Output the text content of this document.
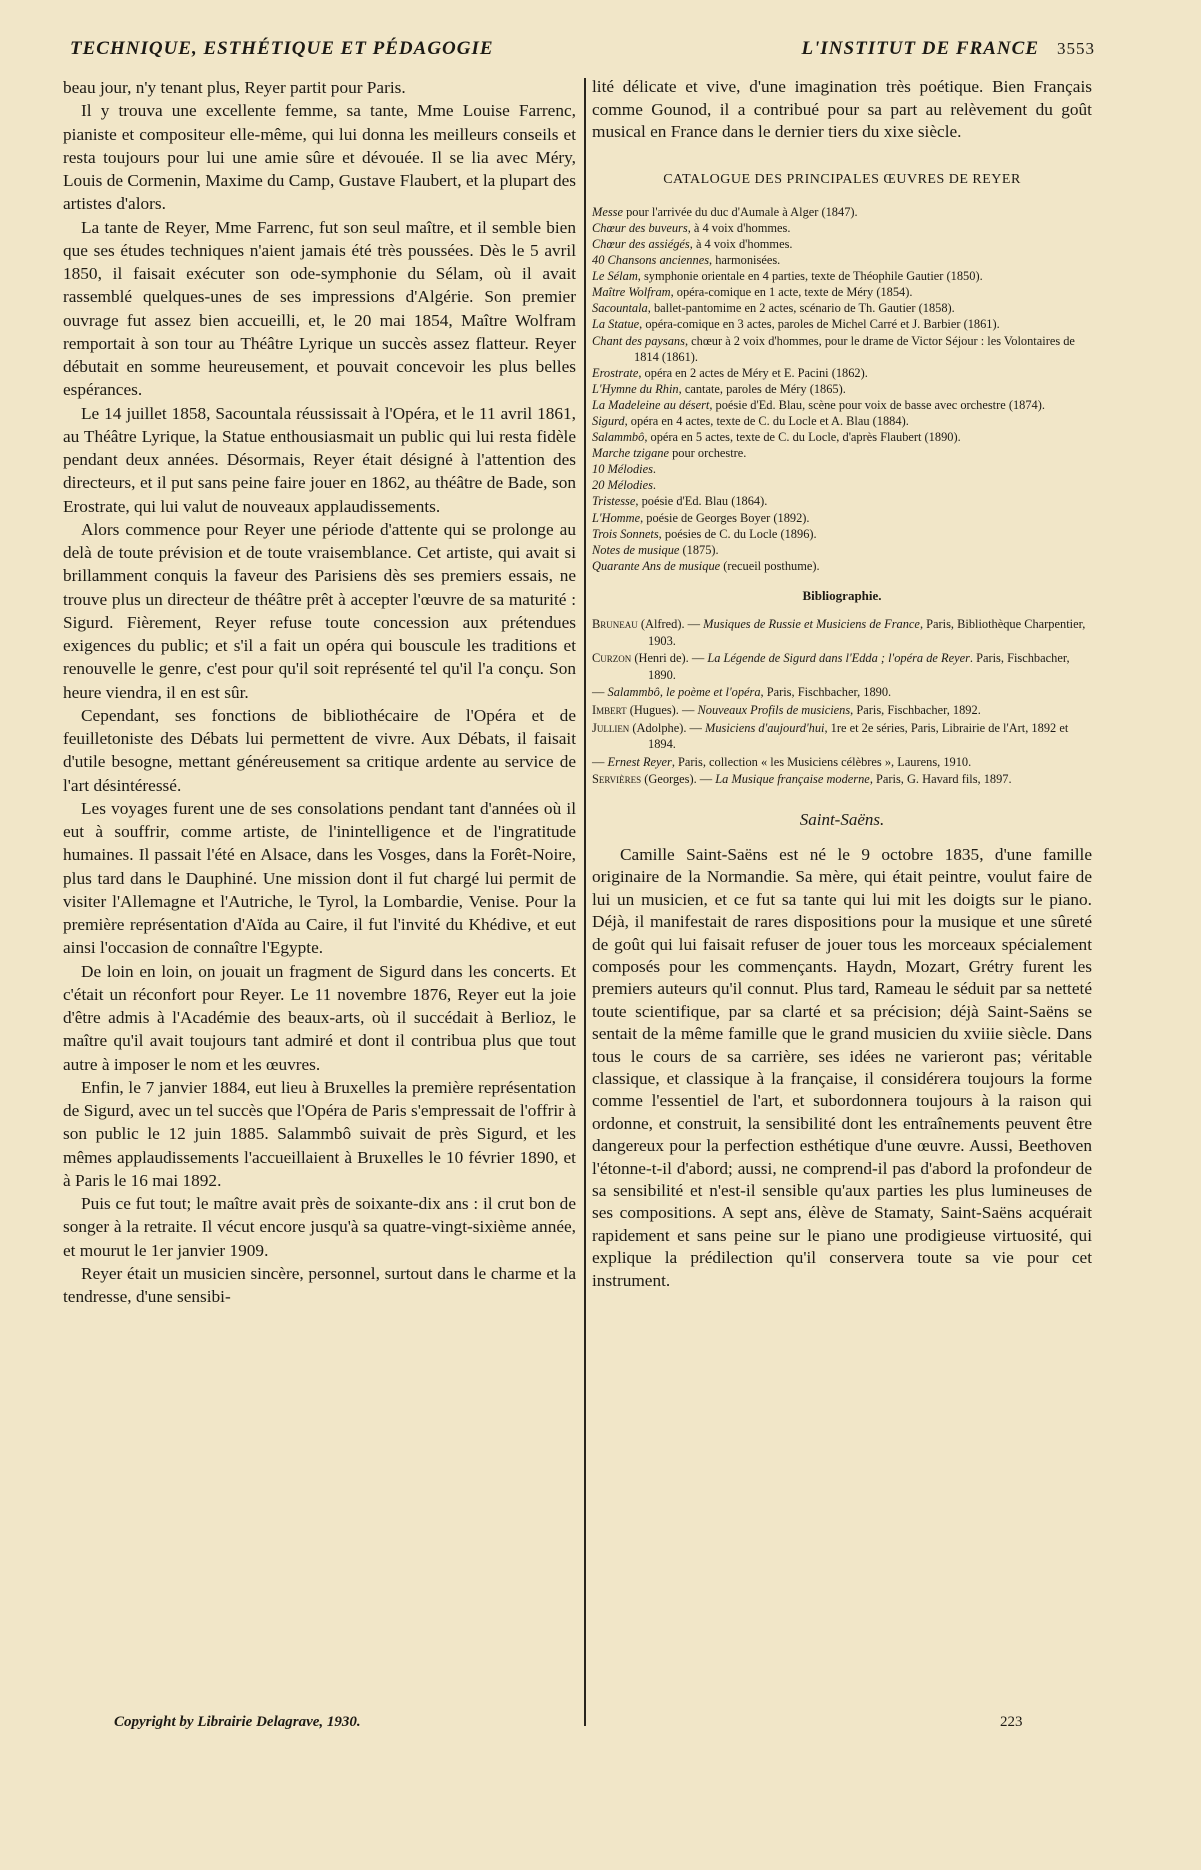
TECHNIQUE, ESTHÉTIQUE ET PÉDAGOGIE	L'INSTITUT DE FRANCE 3553

beau jour, n'y tenant plus, Reyer partit pour Paris.

Il y trouva une excellente femme, sa tante, Mme Louise Farrenc, pianiste et compositeur elle-même, qui lui donna les meilleurs conseils et resta toujours pour lui une amie sûre et dévouée. Il se lia avec Méry, Louis de Cormenin, Maxime du Camp, Gustave Flaubert, et la plupart des artistes d'alors.

La tante de Reyer, Mme Farrenc, fut son seul maître, et il semble bien que ses études techniques n'aient jamais été très poussées. Dès le 5 avril 1850, il faisait exécuter son ode-symphonie du Sélam, où il avait rassemblé quelques-unes de ses impressions d'Algérie. Son premier ouvrage fut assez bien accueilli, et, le 20 mai 1854, Maître Wolfram remportait à son tour au Théâtre Lyrique un succès assez flatteur. Reyer débutait en somme heureusement, et pouvait concevoir les plus belles espérances.

Le 14 juillet 1858, Sacountala réussissait à l'Opéra, et le 11 avril 1861, au Théâtre Lyrique, la Statue enthousiasmait un public qui lui resta fidèle pendant deux années. Désormais, Reyer était désigné à l'attention des directeurs, et il put sans peine faire jouer en 1862, au théâtre de Bade, son Erostrate, qui lui valut de nouveaux applaudissements.

Alors commence pour Reyer une période d'attente qui se prolonge au delà de toute prévision et de toute vraisemblance. Cet artiste, qui avait si brillamment conquis la faveur des Parisiens dès ses premiers essais, ne trouve plus un directeur de théâtre prêt à accepter l'œuvre de sa maturité : Sigurd. Fièrement, Reyer refuse toute concession aux prétendues exigences du public; et s'il a fait un opéra qui bouscule les traditions et renouvelle le genre, c'est pour qu'il soit représenté tel qu'il l'a conçu. Son heure viendra, il en est sûr.

Cependant, ses fonctions de bibliothécaire de l'Opéra et de feuilletoniste des Débats lui permettent de vivre. Aux Débats, il faisait d'utile besogne, mettant généreusement sa critique ardente au service de l'art désintéressé.

Les voyages furent une de ses consolations pendant tant d'années où il eut à souffrir, comme artiste, de l'inintelligence et de l'ingratitude humaines. Il passait l'été en Alsace, dans les Vosges, dans la Forêt-Noire, plus tard dans le Dauphiné. Une mission dont il fut chargé lui permit de visiter l'Allemagne et l'Autriche, le Tyrol, la Lombardie, Venise. Pour la première représentation d'Aïda au Caire, il fut l'invité du Khédive, et eut ainsi l'occasion de connaître l'Egypte.

De loin en loin, on jouait un fragment de Sigurd dans les concerts. Et c'était un réconfort pour Reyer. Le 11 novembre 1876, Reyer eut la joie d'être admis à l'Académie des beaux-arts, où il succédait à Berlioz, le maître qu'il avait toujours tant admiré et dont il contribua plus que tout autre à imposer le nom et les œuvres.

Enfin, le 7 janvier 1884, eut lieu à Bruxelles la première représentation de Sigurd, avec un tel succès que l'Opéra de Paris s'empressait de l'offrir à son public le 12 juin 1885. Salammbô suivait de près Sigurd, et les mêmes applaudissements l'accueillaient à Bruxelles le 10 février 1890, et à Paris le 16 mai 1892.

Puis ce fut tout; le maître avait près de soixante-dix ans : il crut bon de songer à la retraite. Il vécut encore jusqu'à sa quatre-vingt-sixième année, et mourut le 1er janvier 1909.

Reyer était un musicien sincère, personnel, surtout dans le charme et la tendresse, d'une sensibi-

lité délicate et vive, d'une imagination très poétique. Bien Français comme Gounod, il a contribué pour sa part au relèvement du goût musical en France dans le dernier tiers du xixe siècle.

CATALOGUE DES PRINCIPALES ŒUVRES DE REYER
Messe pour l'arrivée du duc d'Aumale à Alger (1847).
Chœur des buveurs, à 4 voix d'hommes.
Chœur des assiégés, à 4 voix d'hommes.
40 Chansons anciennes, harmonisées.
Le Sélam, symphonie orientale en 4 parties, texte de Théophile Gautier (1850).
Maître Wolfram, opéra-comique en 1 acte, texte de Méry (1854).
Sacountala, ballet-pantomime en 2 actes, scénario de Th. Gautier (1858).
La Statue, opéra-comique en 3 actes, paroles de Michel Carré et J. Barbier (1861).
Chant des paysans, chœur à 2 voix d'hommes, pour le drame de Victor Séjour : les Volontaires de 1814 (1861).
Erostrate, opéra en 2 actes de Méry et E. Pacini (1862).
L'Hymne du Rhin, cantate, paroles de Méry (1865).
La Madeleine au désert, poésie d'Ed. Blau, scène pour voix de basse avec orchestre (1874).
Sigurd, opéra en 4 actes, texte de C. du Locle et A. Blau (1884).
Salammbô, opéra en 5 actes, texte de C. du Locle, d'après Flaubert (1890).
Marche tzigane pour orchestre.
10 Mélodies.
20 Mélodies.
Tristesse, poésie d'Ed. Blau (1864).
L'Homme, poésie de Georges Boyer (1892).
Trois Sonnets, poésies de C. du Locle (1896).
Notes de musique (1875).
Quarante Ans de musique (recueil posthume).
Bibliographie.
Bruneau (Alfred). — Musiques de Russie et Musiciens de France, Paris, Bibliothèque Charpentier, 1903.
Curzon (Henri de). — La Légende de Sigurd dans l'Edda ; l'opéra de Reyer. Paris, Fischbacher, 1890.
— Salammbô, le poème et l'opéra, Paris, Fischbacher, 1890.
Imbert (Hugues). — Nouveaux Profils de musiciens, Paris, Fischbacher, 1892.
Jullien (Adolphe). — Musiciens d'aujourd'hui, 1re et 2e séries, Paris, Librairie de l'Art, 1892 et 1894.
— Ernest Reyer, Paris, collection « les Musiciens célèbres », Laurens, 1910.
Servières (Georges). — La Musique française moderne, Paris, G. Havard fils, 1897.
Saint-Saëns.

Camille Saint-Saëns est né le 9 octobre 1835, d'une famille originaire de la Normandie. Sa mère, qui était peintre, voulut faire de lui un musicien, et ce fut sa tante qui lui mit les doigts sur le piano. Déjà, il manifestait de rares dispositions pour la musique et une sûreté de goût qui lui faisait refuser de jouer tous les morceaux spécialement composés pour les commençants. Haydn, Mozart, Grétry furent les premiers auteurs qu'il connut. Plus tard, Rameau le séduit par sa netteté toute scientifique, par sa clarté et sa précision; déjà Saint-Saëns se sentait de la même famille que le grand musicien du xviiie siècle. Dans tous le cours de sa carrière, ses idées ne varieront pas; véritable classique, et classique à la française, il considérera toujours la forme comme l'essentiel de l'art, et subordonnera toujours à la raison qui ordonne, et construit, la sensibilité dont les entraînements peuvent être dangereux pour la perfection esthétique d'une œuvre. Aussi, Beethoven l'étonne-t-il d'abord; aussi, ne comprend-il pas d'abord la profondeur de sa sensibilité et n'est-il sensible qu'aux parties les plus lumineuses de ses compositions. A sept ans, élève de Stamaty, Saint-Saëns acquérait rapidement et sans peine sur le piano une prodigieuse virtuosité, qui explique la prédilection qu'il conservera toute sa vie pour cet instrument.

Copyright by Librairie Delagrave, 1930.	223
